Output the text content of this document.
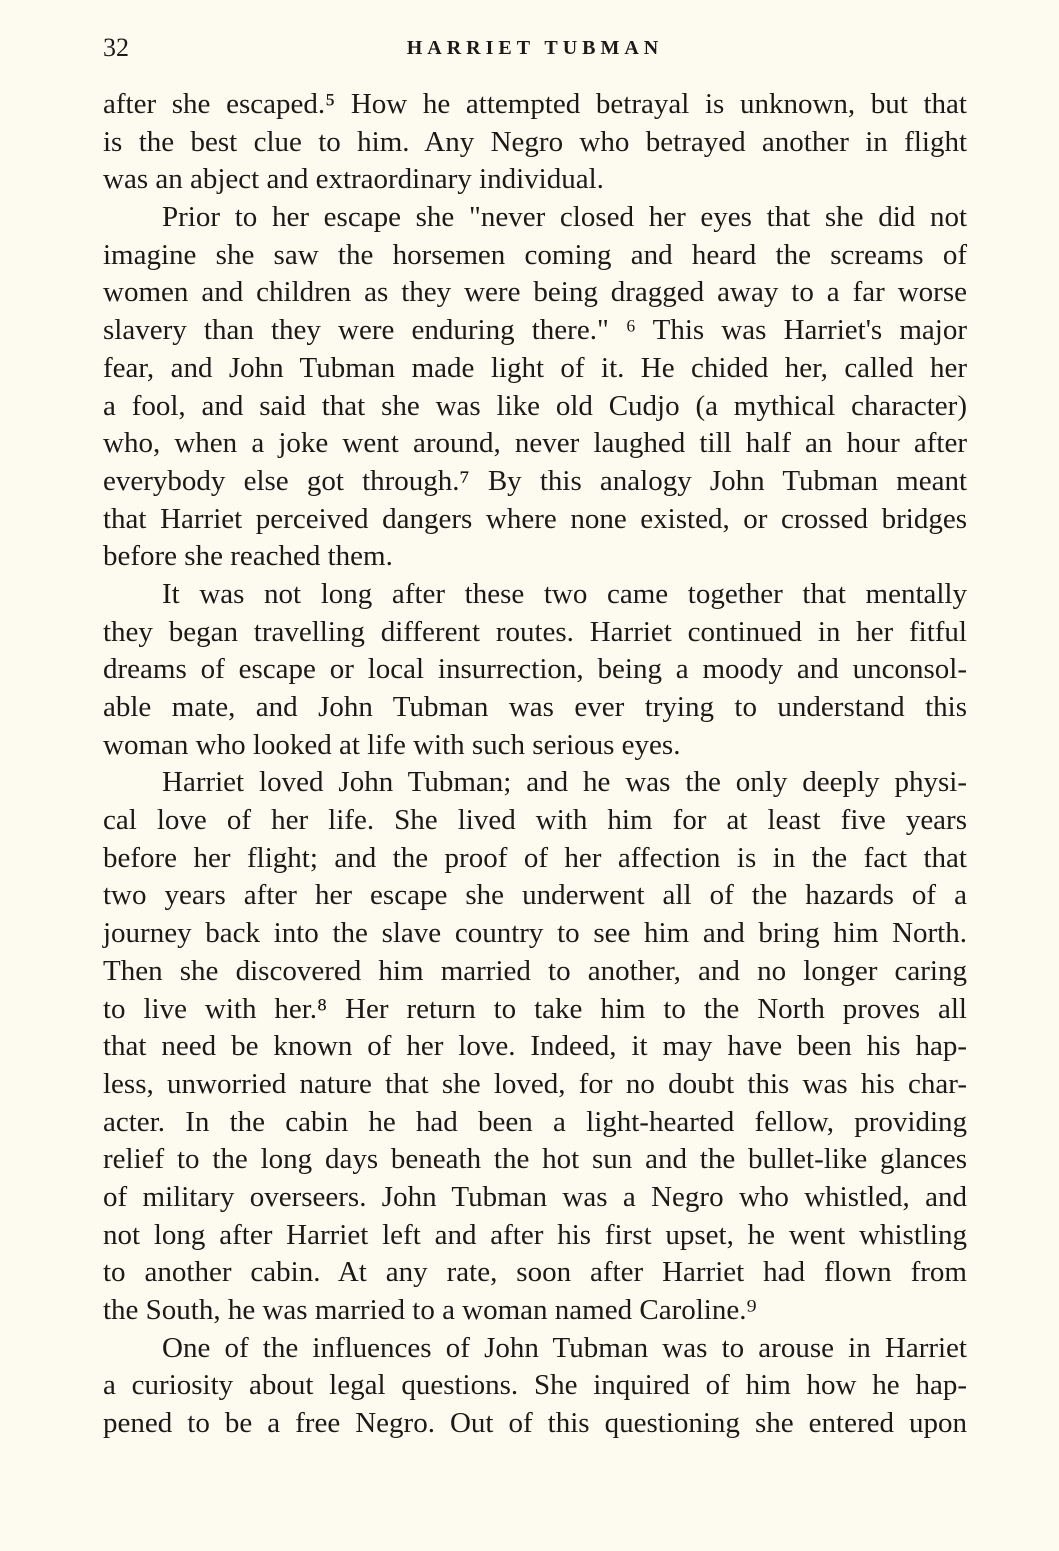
32	HARRIET TUBMAN
after she escaped.⁵ How he attempted betrayal is unknown, but that
is the best clue to him. Any Negro who betrayed another in flight
was an abject and extraordinary individual.
Prior to her escape she "never closed her eyes that she did not
imagine she saw the horsemen coming and heard the screams of
women and children as they were being dragged away to a far worse
slavery than they were enduring there." ⁶ This was Harriet's major
fear, and John Tubman made light of it. He chided her, called her
a fool, and said that she was like old Cudjo (a mythical character)
who, when a joke went around, never laughed till half an hour after
everybody else got through.⁷ By this analogy John Tubman meant
that Harriet perceived dangers where none existed, or crossed bridges
before she reached them.
It was not long after these two came together that mentally
they began travelling different routes. Harriet continued in her fitful
dreams of escape or local insurrection, being a moody and unconsol-
able mate, and John Tubman was ever trying to understand this
woman who looked at life with such serious eyes.
Harriet loved John Tubman; and he was the only deeply physi-
cal love of her life. She lived with him for at least five years
before her flight; and the proof of her affection is in the fact that
two years after her escape she underwent all of the hazards of a
journey back into the slave country to see him and bring him North.
Then she discovered him married to another, and no longer caring
to live with her.⁸ Her return to take him to the North proves all
that need be known of her love. Indeed, it may have been his hap-
less, unworried nature that she loved, for no doubt this was his char-
acter. In the cabin he had been a light-hearted fellow, providing
relief to the long days beneath the hot sun and the bullet-like glances
of military overseers. John Tubman was a Negro who whistled, and
not long after Harriet left and after his first upset, he went whistling
to another cabin. At any rate, soon after Harriet had flown from
the South, he was married to a woman named Caroline.⁹
One of the influences of John Tubman was to arouse in Harriet
a curiosity about legal questions. She inquired of him how he hap-
pened to be a free Negro. Out of this questioning she entered upon
